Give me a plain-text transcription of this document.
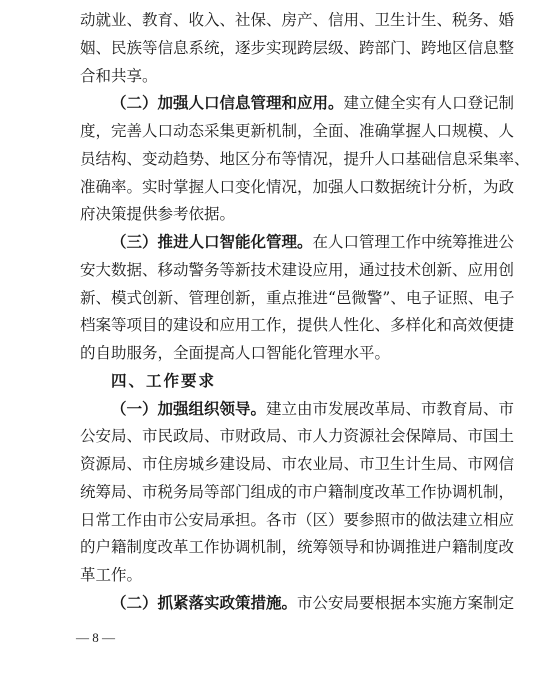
动就业、教育、收入、社保、房产、信用、卫生计生、税务、婚
姻、民族等信息系统，逐步实现跨层级、跨部门、跨地区信息整
合和共享。
（二）加强人口信息管理和应用。建立健全实有人口登记制
度，完善人口动态采集更新机制，全面、准确掌握人口规模、人
员结构、变动趋势、地区分布等情况，提升人口基础信息采集率、
准确率。实时掌握人口变化情况，加强人口数据统计分析，为政
府决策提供参考依据。
（三）推进人口智能化管理。在人口管理工作中统筹推进公
安大数据、移动警务等新技术建设应用，通过技术创新、应用创
新、模式创新、管理创新，重点推进“邑微警”、电子证照、电子
档案等项目的建设和应用工作，提供人性化、多样化和高效便捷
的自助服务，全面提高人口智能化管理水平。
四、工作要求
（一）加强组织领导。建立由市发展改革局、市教育局、市
公安局、市民政局、市财政局、市人力资源社会保障局、市国土
资源局、市住房城乡建设局、市农业局、市卫生计生局、市网信
统筹局、市税务局等部门组成的市户籍制度改革工作协调机制，
日常工作由市公安局承担。各市（区）要参照市的做法建立相应
的户籍制度改革工作协调机制，统筹领导和协调推进户籍制度改
革工作。
（二）抓紧落实政策措施。市公安局要根据本实施方案制定
— 8 —
